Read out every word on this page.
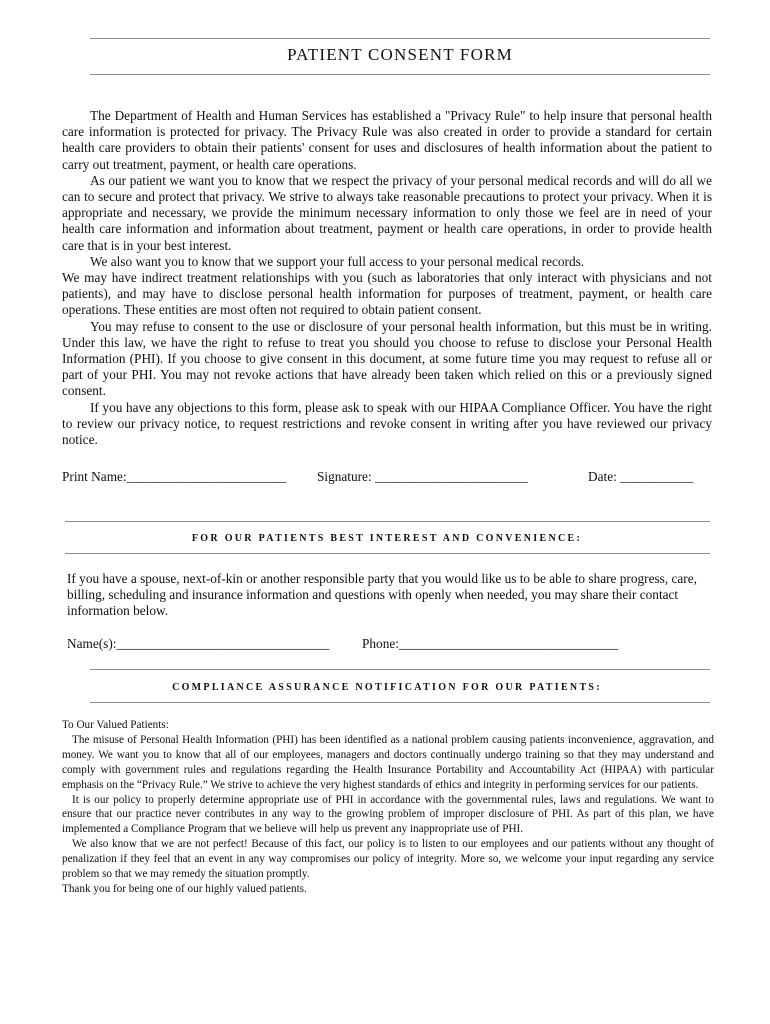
PATIENT CONSENT FORM

The Department of Health and Human Services has established a "Privacy Rule" to help insure that personal health care information is protected for privacy. The Privacy Rule was also created in order to provide a standard for certain health care providers to obtain their patients' consent for uses and disclosures of health information about the patient to carry out treatment, payment, or health care operations.

As our patient we want you to know that we respect the privacy of your personal medical records and will do all we can to secure and protect that privacy. We strive to always take reasonable precautions to protect your privacy. When it is appropriate and necessary, we provide the minimum necessary information to only those we feel are in need of your health care information and information about treatment, payment or health care operations, in order to provide health care that is in your best interest.

We also want you to know that we support your full access to your personal medical records.

We may have indirect treatment relationships with you (such as laboratories that only interact with physicians and not patients), and may have to disclose personal health information for purposes of treatment, payment, or health care operations. These entities are most often not required to obtain patient consent.

You may refuse to consent to the use or disclosure of your personal health information, but this must be in writing. Under this law, we have the right to refuse to treat you should you choose to refuse to disclose your Personal Health Information (PHI). If you choose to give consent in this document, at some future time you may request to refuse all or part of your PHI. You may not revoke actions that have already been taken which relied on this or a previously signed consent.

If you have any objections to this form, please ask to speak with our HIPAA Compliance Officer. You have the right to review our privacy notice, to request restrictions and revoke consent in writing after you have reviewed our privacy notice.

Print Name:________________________ Signature: _______________________	Date: ___________
FOR OUR PATIENTS BEST INTEREST AND CONVENIENCE:
If you have a spouse, next-of-kin or another responsible party that you would like us to be able to share progress, care, billing, scheduling and insurance information and questions with openly when needed, you may share their contact information below.
Name(s):________________________________ Phone:_________________________________
COMPLIANCE ASSURANCE NOTIFICATION FOR OUR PATIENTS:

To Our Valued Patients:

The misuse of Personal Health Information (PHI) has been identified as a national problem causing patients inconvenience, aggravation, and money. We want you to know that all of our employees, managers and doctors continually undergo training so that they may understand and comply with government rules and regulations regarding the Health Insurance Portability and Accountability Act (HIPAA) with particular emphasis on the “Privacy Rule.” We strive to achieve the very highest standards of ethics and integrity in performing services for our patients.

It is our policy to properly determine appropriate use of PHI in accordance with the governmental rules, laws and regulations. We want to ensure that our practice never contributes in any way to the growing problem of improper disclosure of PHI. As part of this plan, we have implemented a Compliance Program that we believe will help us prevent any inappropriate use of PHI.

We also know that we are not perfect! Because of this fact, our policy is to listen to our employees and our patients without any thought of penalization if they feel that an event in any way compromises our policy of integrity. More so, we welcome your input regarding any service problem so that we may remedy the situation promptly.

Thank you for being one of our highly valued patients.
